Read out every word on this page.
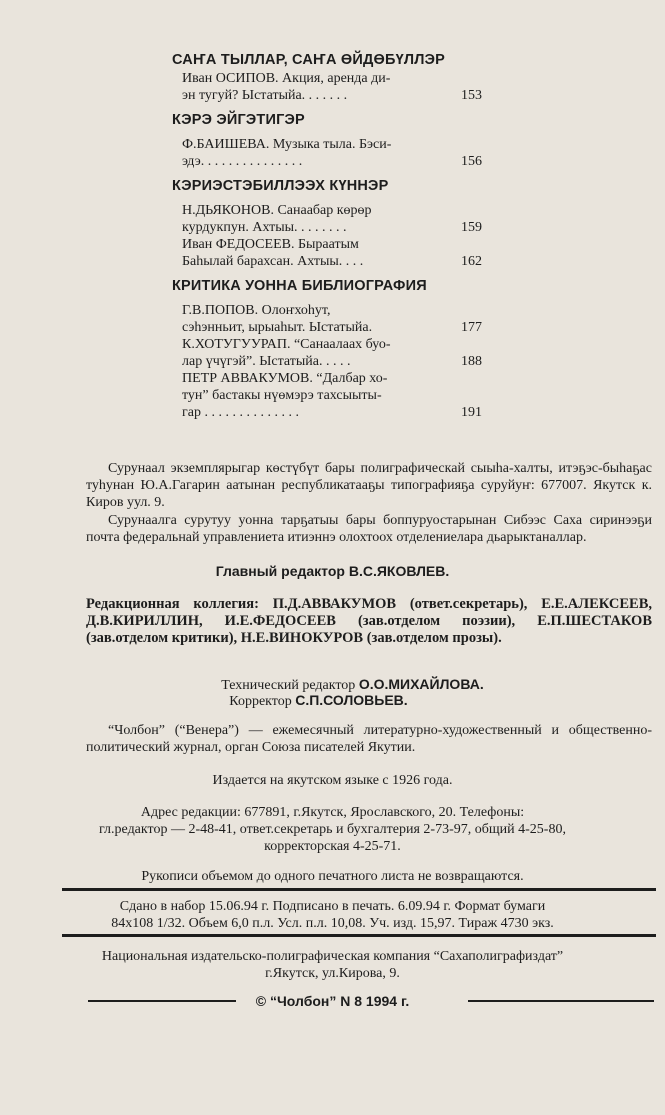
САҤА ТЫЛЛАР, САҤА ӨЙДӨБҮЛЛЭР
Иван ОСИПОВ. Акция, аренда ди-
эн тугуй? Ыстатыйа. . . . . . .	153
КЭРЭ ЭЙГЭТИГЭР
Ф.БАИШЕВА. Музыка тыла. Бэси-
эдэ. . . . . . . . . . . . . . .	156
КЭРИЭСТЭБИЛЛЭЭХ КҮННЭР
Н.ДЬЯКОНОВ. Санаабар көрөр
курдукпун. Ахтыы. . . . . . . .	159
Иван ФЕДОСЕЕВ. Быраатым
Баһылай барахсан. Ахтыы. . . .	162
КРИТИКА УОННА БИБЛИОГРАФИЯ
Г.В.ПОПОВ. Олоҥхоһут,
сэһэнньит, ырыаһыт. Ыстатыйа.	177
К.ХОТУГУУРАП. “Санаалаах буо-
лар үчүгэй”. Ыстатыйа. . . . .	188
ПЕТР АВВАКУМОВ. “Далбар хо-
тун” бастакы нүөмэрэ тахсыыты-
гар . . . . . . . . . . . . . .	191

Сурунаал экземплярыгар көстүбүт бары полиграфическай сыыһа-халты, итэҕэс-быһаҕас туһунан Ю.А.Гагарин аатынан республикатааҕы типографияҕа суруйуҥ: 677007. Якутск к. Киров уул. 9.

Сурунаалга сурутуу уонна тарҕатыы бары боппуруостарынан Сибээс Саха сиринээҕи почта федеральнай управлениета итиэннэ олохтоох отделениелара дьарыктаналлар.

Главный редактор В.С.ЯКОВЛЕВ.

Редакционная коллегия: П.Д.АВВАКУМОВ (ответ.секретарь), Е.Е.АЛЕКСЕЕВ, Д.В.КИРИЛЛИН, И.Е.ФЕДОСЕЕВ (зав.отделом поэзии), Е.П.ШЕСТАКОВ (зав.отделом критики), Н.Е.ВИНОКУРОВ (зав.отделом прозы).

Технический редактор О.О.МИХАЙЛОВА.
Корректор С.П.СОЛОВЬЕВ.

“Чолбон” (“Венера”) — ежемесячный литературно-художественный и общественно-политический журнал, орган Союза писателей Якутии.

Издается на якутском языке с 1926 года.
Адрес редакции: 677891, г.Якутск, Ярославского, 20. Телефоны:
гл.редактор — 2-48-41, ответ.секретарь и бухгалтерия 2-73-97, общий 4-25-80,
корректорская 4-25-71.
Рукописи объемом до одного печатного листа не возвращаются.
Сдано в набор 15.06.94 г. Подписано в печать. 6.09.94 г. Формат бумаги
84х108 1/32. Объем 6,0 п.л. Усл. п.л. 10,08. Уч. изд. 15,97. Тираж 4730 экз.
Национальная издательско-полиграфическая компания “Сахаполиграфиздат”
г.Якутск, ул.Кирова, 9.
© “Чолбон” N 8 1994 г.
